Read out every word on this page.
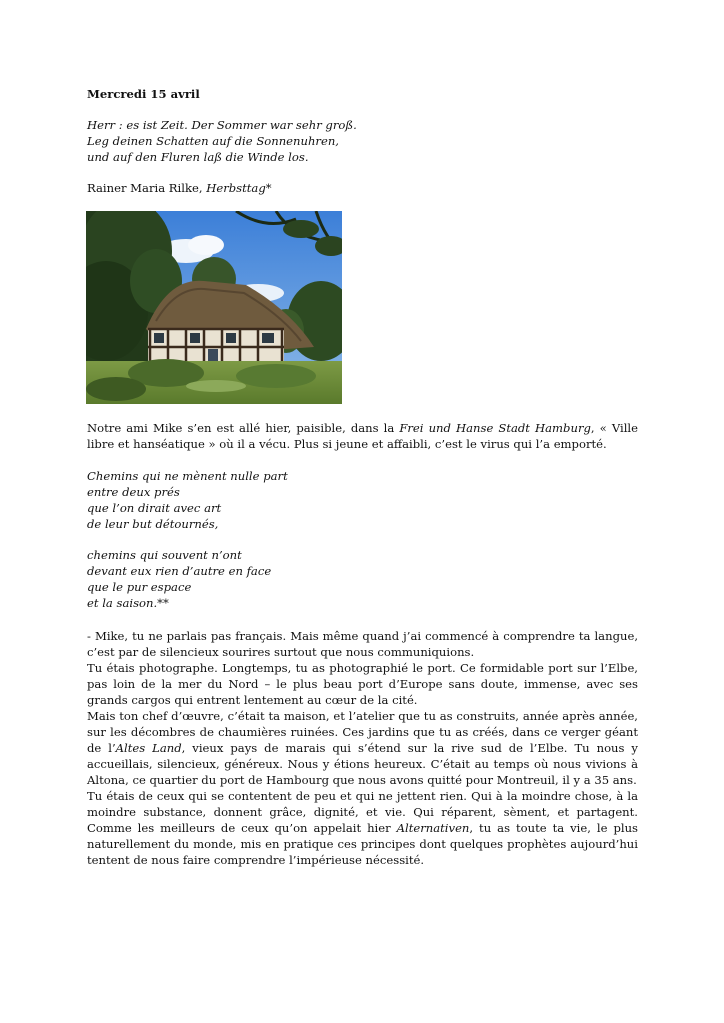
Mercredi 15 avril
Herr : es ist Zeit. Der Sommer war sehr groß.
Leg deinen Schatten auf die Sonnenuhren,
und auf den Fluren laß die Winde los.
Rainer Maria Rilke, Herbsttag*
Notre ami Mike s’en est allé hier, paisible, dans la Frei und Hanse Stadt Hamburg, « Ville libre et hanséatique » où il a vécu. Plus si jeune et affaibli, c’est le virus qui l’a emporté.
Chemins qui ne mènent nulle part
entre deux prés
que l’on dirait avec art
de leur but détournés,
chemins qui souvent n’ont
devant eux rien d’autre en face
que le pur espace
et la saison.**

- Mike, tu ne parlais pas français. Mais même quand j’ai commencé à comprendre ta langue, c’est par de silencieux sourires surtout que nous communiquions.

Tu étais photographe. Longtemps, tu as photographié le port. Ce formidable port sur l’Elbe, pas loin de la mer du Nord – le plus beau port d’Europe sans doute, immense, avec ses grands cargos qui entrent lentement au cœur de la cité.

Mais ton chef d’œuvre, c’était ta maison, et l’atelier que tu as construits, année après année, sur les décombres de chaumières ruinées. Ces jardins que tu as créés, dans ce verger géant de l’Altes Land, vieux pays de marais qui s’étend sur la rive sud de l’Elbe. Tu nous y accueillais, silencieux, généreux. Nous y étions heureux. C’était au temps où nous vivions à Altona, ce quartier du port de Hambourg que nous avons quitté pour Montreuil, il y a 35 ans.

Tu étais de ceux qui se contentent de peu et qui ne jettent rien. Qui à la moindre chose, à la moindre substance, donnent grâce, dignité, et vie. Qui réparent, sèment, et partagent. Comme les meilleurs de ceux qu’on appelait hier Alternativen, tu as toute ta vie, le plus naturellement du monde, mis en pratique ces principes dont quelques prophètes aujourd’hui tentent de nous faire comprendre l’impérieuse nécessité.
